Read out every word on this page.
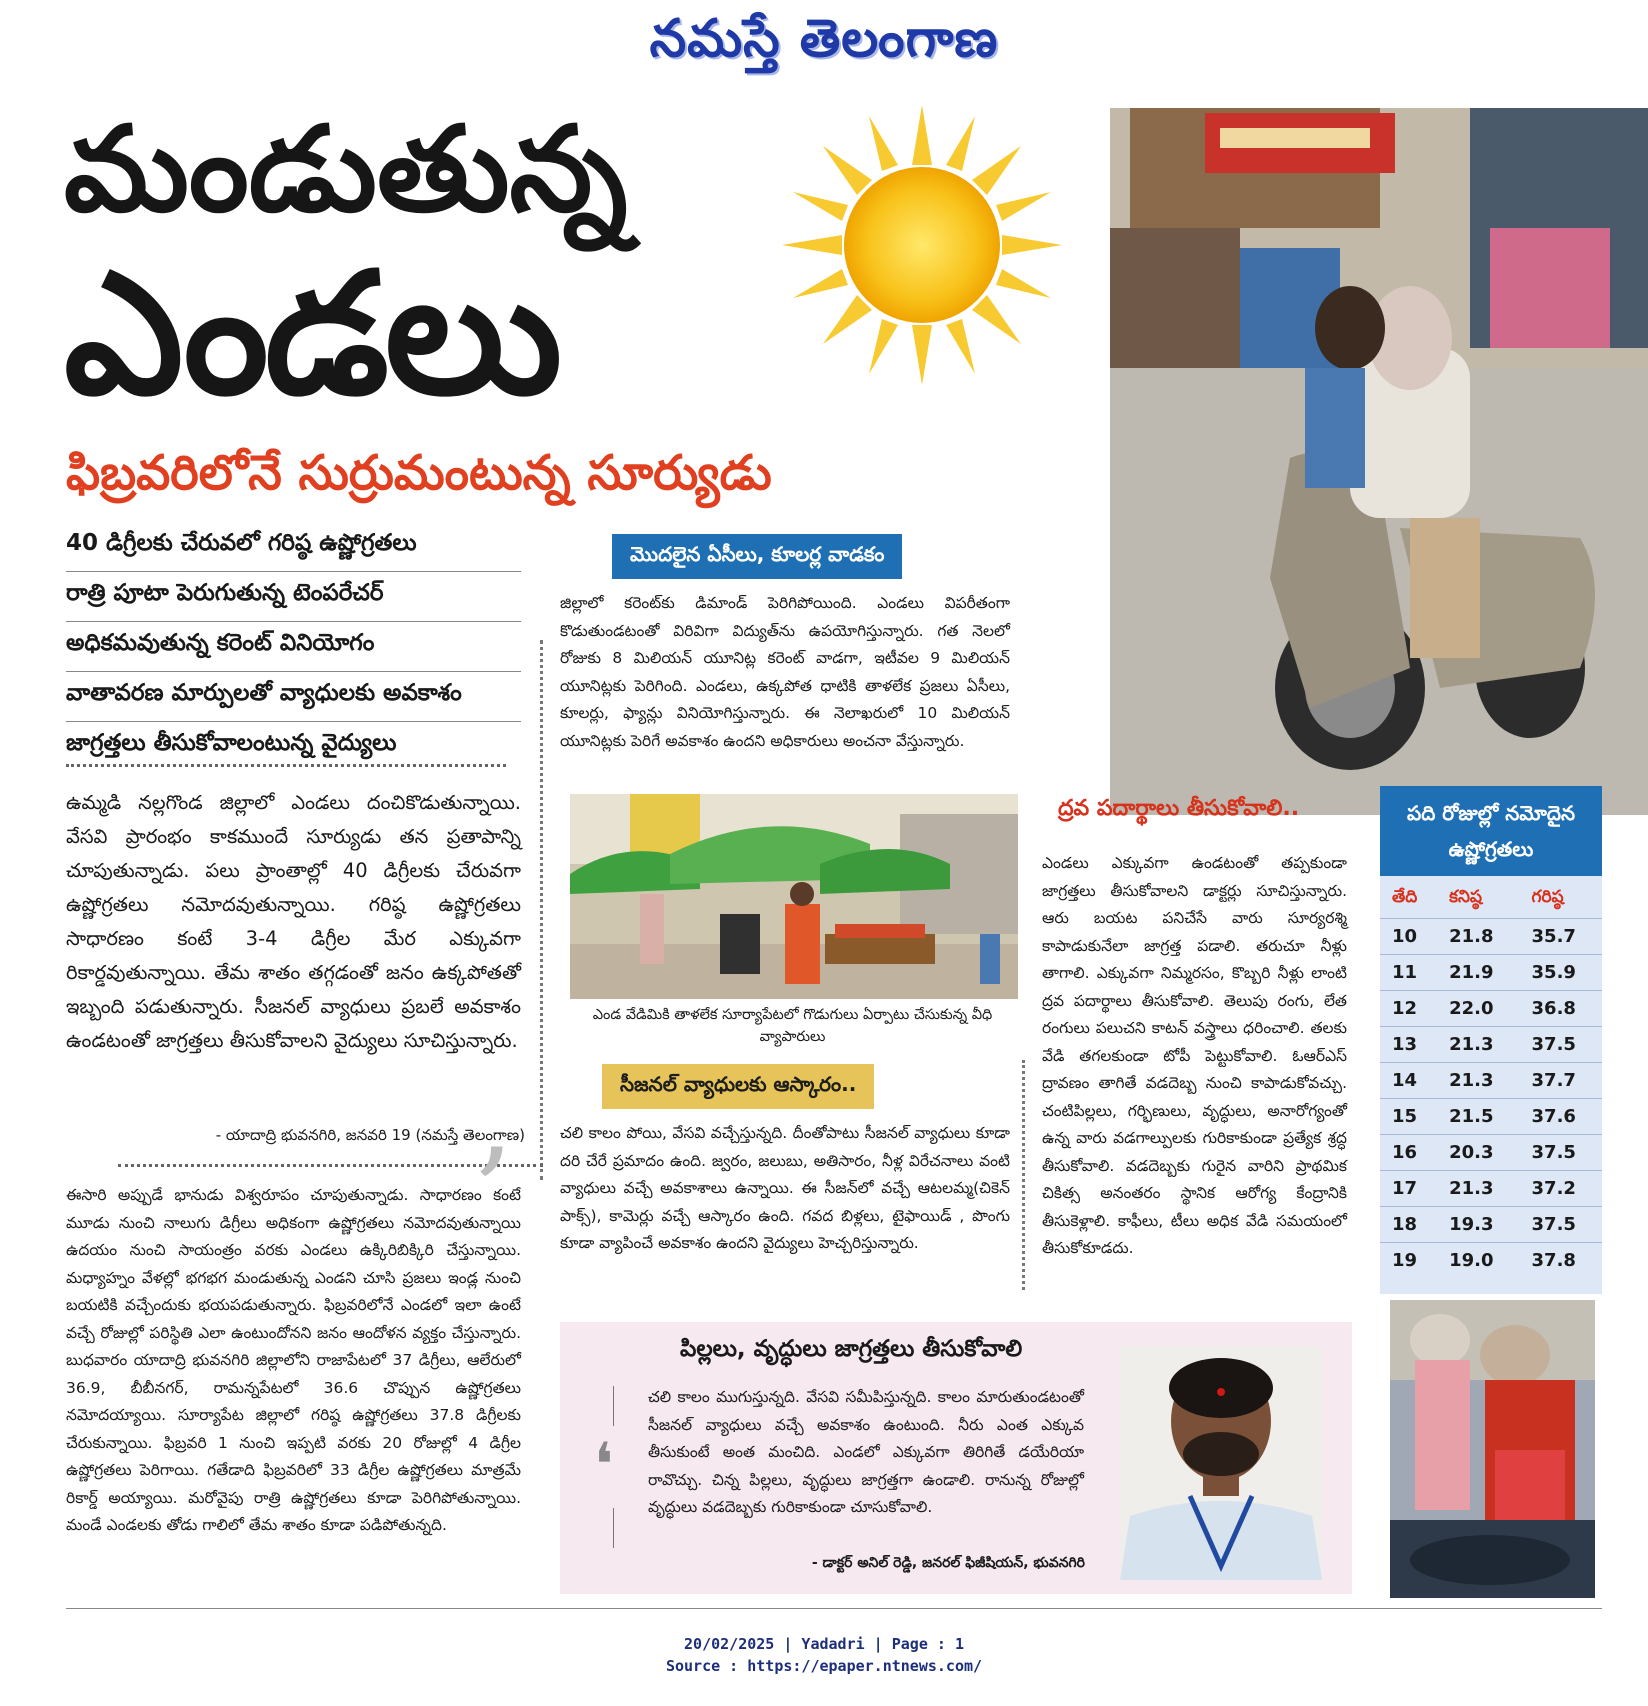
నమస్తే తెలంగాణ
మండుతున్న
ఎండలు
ఫిబ్రవరిలోనే సుర్రుమంటున్న సూర్యుడు
40 డిగ్రీలకు చేరువలో గరిష్ఠ ఉష్ణోగ్రతలు
రాత్రి పూటా పెరుగుతున్న టెంపరేచర్
అధికమవుతున్న కరెంట్ వినియోగం
వాతావరణ మార్పులతో వ్యాధులకు అవకాశం
జాగ్రత్తలు తీసుకోవాలంటున్న వైద్యులు
ఉమ్మడి నల్లగొండ జిల్లాలో ఎండలు దంచికొడుతున్నాయి. వేసవి ప్రారంభం కాకముందే సూర్యుడు తన ప్రతాపాన్ని చూపుతున్నాడు. పలు ప్రాంతాల్లో 40 డిగ్రీలకు చేరువగా ఉష్ణోగ్రతలు నమోదవుతున్నాయి. గరిష్ఠ ఉష్ణోగ్రతలు సాధారణం కంటే 3-4 డిగ్రీల మేర ఎక్కువగా రికార్డవుతున్నాయి. తేమ శాతం తగ్గడంతో జనం ఉక్కపోతతో ఇబ్బంది పడుతున్నారు. సీజనల్ వ్యాధులు ప్రబలే అవకాశం ఉండటంతో జాగ్రత్తలు తీసుకోవాలని వైద్యులు సూచిస్తున్నారు.
,
- యాదాద్రి భువనగిరి, జనవరి 19 (నమస్తే తెలంగాణ)
ఈసారి అప్పుడే భానుడు విశ్వరూపం చూపుతున్నాడు. సాధారణం కంటే మూడు నుంచి నాలుగు డిగ్రీలు అధికంగా ఉష్ణోగ్రతలు నమోదవుతున్నాయి ఉదయం నుంచి సాయంత్రం వరకు ఎండలు ఉక్కిరిబిక్కిరి చేస్తున్నాయి. మధ్యాహ్నం వేళల్లో భగభగ మండుతున్న ఎండని చూసి ప్రజలు ఇండ్ల నుంచి బయటికి వచ్చేందుకు భయపడుతున్నారు. ఫిబ్రవరిలోనే ఎండలో ఇలా ఉంటే వచ్చే రోజుల్లో పరిస్థితి ఎలా ఉంటుందోనని జనం ఆందోళన వ్యక్తం చేస్తున్నారు. బుధవారం యాదాద్రి భువనగిరి జిల్లాలోని రాజాపేటలో 37 డిగ్రీలు, ఆలేరులో 36.9, బీబీనగర్, రామన్నపేటలో 36.6 చొప్పున ఉష్ణోగ్రతలు నమోదయ్యాయి. సూర్యాపేట జిల్లాలో గరిష్ఠ ఉష్ణోగ్రతలు 37.8 డిగ్రీలకు చేరుకున్నాయి. ఫిబ్రవరి 1 నుంచి ఇప్పటి వరకు 20 రోజుల్లో 4 డిగ్రీల ఉష్ణోగ్రతలు పెరిగాయి. గతేడాది ఫిబ్రవరిలో 33 డిగ్రీల ఉష్ణోగ్రతలు మాత్రమే రికార్డ్ అయ్యాయి. మరోవైపు రాత్రి ఉష్ణోగ్రతలు కూడా పెరిగిపోతున్నాయి. మండే ఎండలకు తోడు గాలిలో తేమ శాతం కూడా పడిపోతున్నది.
మొదలైన ఏసీలు, కూలర్ల వాడకం
జిల్లాలో కరెంట్‌కు డిమాండ్ పెరిగిపోయింది. ఎండలు విపరీతంగా కొడుతుండటంతో విరివిగా విద్యుత్‌ను ఉపయోగిస్తున్నారు. గత నెలలో రోజుకు 8 మిలియన్ యూనిట్ల కరెంట్ వాడగా, ఇటీవల 9 మిలియన్ యూనిట్లకు పెరిగింది. ఎండలు, ఉక్కపోత ధాటికి తాళలేక ప్రజలు ఏసీలు, కూలర్లు, ఫ్యాన్లు వినియోగిస్తున్నారు. ఈ నెలాఖరులో 10 మిలియన్ యూనిట్లకు పెరిగే అవకాశం ఉందని అధికారులు అంచనా వేస్తున్నారు.
ఎండ వేడిమికి తాళలేక సూర్యాపేటలో గొడుగులు ఏర్పాటు చేసుకున్న వీధి వ్యాపారులు
సీజనల్ వ్యాధులకు ఆస్కారం..
చలి కాలం పోయి, వేసవి వచ్చేస్తున్నది. దీంతోపాటు సీజనల్ వ్యాధులు కూడా దరి చేరే ప్రమాదం ఉంది. జ్వరం, జలుబు, అతిసారం, నీళ్ల విరేచనాలు వంటి వ్యాధులు వచ్చే అవకాశాలు ఉన్నాయి. ఈ సీజన్‌లో వచ్చే ఆటలమ్మ(చికెన్ పాక్స్), కామెర్లు వచ్చే ఆస్కారం ఉంది. గవద బిళ్లలు, టైఫాయిడ్ , పొంగు కూడా వ్యాపించే అవకాశం ఉందని వైద్యులు హెచ్చరిస్తున్నారు.
ద్రవ పదార్థాలు తీసుకోవాలి..
ఎండలు ఎక్కువగా ఉండటంతో తప్పకుండా జాగ్రత్తలు తీసుకోవాలని డాక్టర్లు సూచిస్తున్నారు. ఆరు బయట పనిచేసే వారు సూర్యరశ్మి కాపాడుకునేలా జాగ్రత్త పడాలి. తరుచూ నీళ్లు తాగాలి. ఎక్కువగా నిమ్మరసం, కొబ్బరి నీళ్లు లాంటి ద్రవ పదార్థాలు తీసుకోవాలి. తెలుపు రంగు, లేత రంగులు పలుచని కాటన్ వస్త్రాలు ధరించాలి. తలకు వేడి తగలకుండా టోపీ పెట్టుకోవాలి. ఓఆర్ఎస్ ద్రావణం తాగితే వడదెబ్బ నుంచి కాపాడుకోవచ్చు. చంటిపిల్లలు, గర్భిణులు, వృద్ధులు, అనారోగ్యంతో ఉన్న వారు వడగాల్పులకు గురికాకుండా ప్రత్యేక శ్రద్ధ తీసుకోవాలి. వడదెబ్బకు గురైన వారిని ప్రాథమిక చికిత్స అనంతరం స్థానిక ఆరోగ్య కేంద్రానికి తీసుకెళ్లాలి. కాఫీలు, టీలు అధిక వేడి సమయంలో తీసుకోకూడదు.
పది రోజుల్లో నమోదైన ఉష్ణోగ్రతలు
తేది	కనిష్ఠ	గరిష్ఠ
10	21.8	35.7
11	21.9	35.9
12	22.0	36.8
13	21.3	37.5
14	21.3	37.7
15	21.5	37.6
16	20.3	37.5
17	21.3	37.2
18	19.3	37.5
19	19.0	37.8
పిల్లలు, వృద్ధులు జాగ్రత్తలు తీసుకోవాలి
❛
చలి కాలం ముగుస్తున్నది. వేసవి సమీపిస్తున్నది. కాలం మారుతుండటంతో సీజనల్ వ్యాధులు వచ్చే అవకాశం ఉంటుంది. నీరు ఎంత ఎక్కువ తీసుకుంటే అంత మంచిది. ఎండలో ఎక్కువగా తిరిగితే డయేరియా రావొచ్చు. చిన్న పిల్లలు, వృద్ధులు జాగ్రత్తగా ఉండాలి. రానున్న రోజుల్లో వృద్ధులు వడదెబ్బకు గురికాకుండా చూసుకోవాలి.
- డాక్టర్ అనిల్ రెడ్డి, జనరల్ ఫిజీషియన్, భువనగిరి
20/02/2025 | Yadadri | Page : 1
Source : https://epaper.ntnews.com/
